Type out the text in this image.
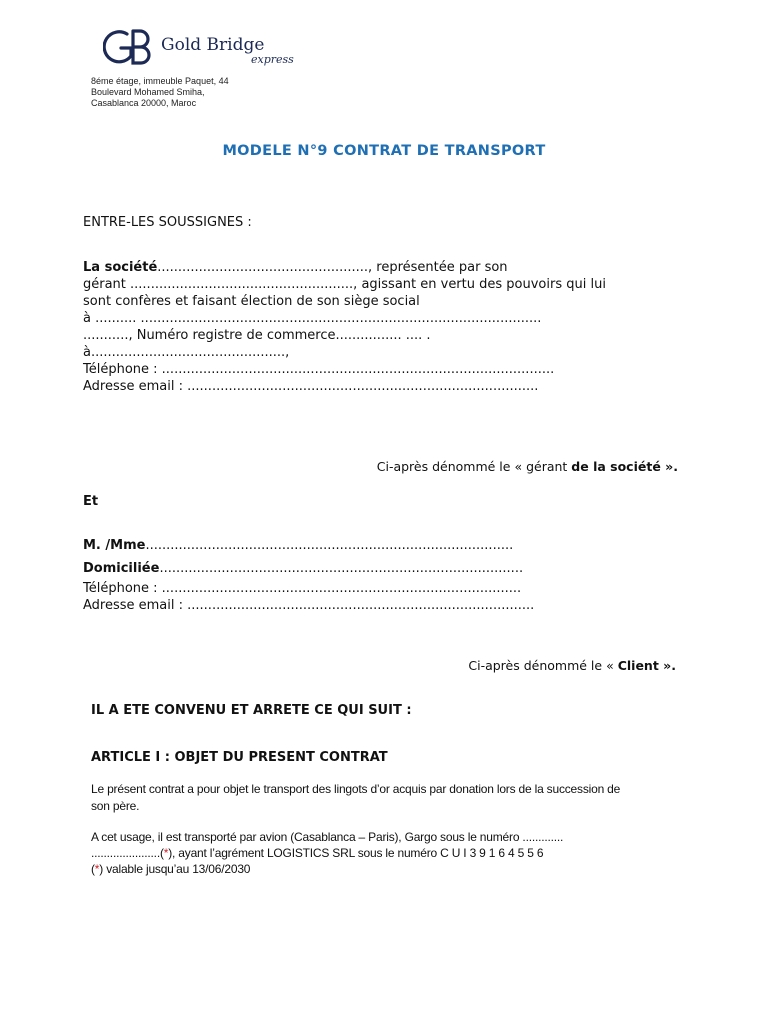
Gold Bridge
express
8éme étage, immeuble Paquet, 44
Boulevard Mohamed Smiha,
Casablanca 20000, Maroc
MODELE N°9 CONTRAT DE TRANSPORT
ENTRE-LES SOUSSIGNES :
La société..................................................., représentée par son
gérant ......................................................, agissant en vertu des pouvoirs qui lui
sont confères et faisant élection de son siège social
à .......... .................................................................................................
..........., Numéro registre de commerce................ .... .
à...............................................,
Téléphone : ...............................................................................................
Adresse email : .....................................................................................
Ci-après dénommé le « gérant de la société ».
Et
M. /Mme.........................................................................................
Domiciliée........................................................................................
Téléphone : .......................................................................................
Adresse email : ....................................................................................
Ci-après dénommé le « Client ».
IL A ETE CONVENU ET ARRETE CE QUI SUIT :
ARTICLE I : OBJET DU PRESENT CONTRAT
Le présent contrat a pour objet le transport des lingots d’or acquis par donation lors de la succession de
son père.
A cet usage, il est transporté par avion (Casablanca – Paris), Gargo sous le numéro .............
......................(*), ayant l’agrément LOGISTICS SRL sous le numéro C U I 3 9 1 6 4 5 5 6
(*) valable jusqu’au 13/06/2030
